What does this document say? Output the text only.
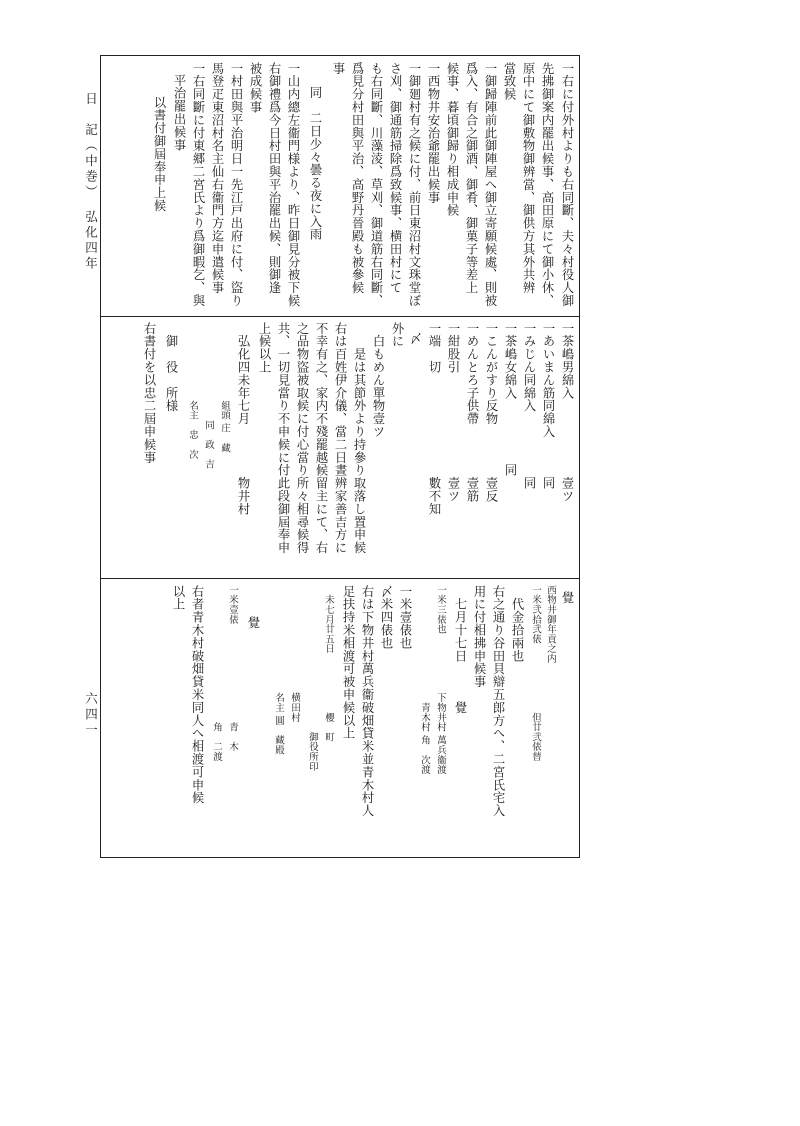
一右に付外村よりも右同斷、夫々村役人御
先拂御案内罷出候事、高田原にて御小休、
原中にて御敷物御辨當、御供方其外共辨
當致候
一御歸陣前此御陣屋へ御立寄願候處、則被
爲入、有合之御酒、御肴、御菓子等差上
候事、暮頃御歸り相成申候
一西物井安治爺罷出候事
一御廻村有之候に付、前日東沼村文珠堂ぼ
さ刈、御通筋掃除爲致候事、横田村にて
も右同斷、川藻淩、草刈、御道筋右同斷、
爲見分村田與平治、高野丹晉殿も被參候
事
同　二日少々曇る夜に入雨
一山内總左衞門様より、昨日御見分被下候
右御禮爲今日村田與平治罷出候、則御逢
被成候事
一村田與平治明日一先江戸出府に付、盜り
馬登疋東沼村名主仙右衞門方迄申遣候事
一右同斷に付東郷二宮氏より爲御暇乞、與
平治罷出候事
以書付御屆奉申上候
一茶嶋男綿入　　　　　　壹ツ
一あいまん筋同綿入　　　同
一みじん同綿入　　　　　同
一茶嶋女綿入　　　　　同
一こんがすり反物　　　　壹反
一めんとろ子供帶　　　　壹筋
一紺股引　　　　　　　　壹ツ
一端　切　　　　　　　　數不知
〆
外に
　白もめん單物壹ツ
　　是は其節外より持參り取落し置申候
右は百姓伊介儀、當二日晝辨家善吉方に
不幸有之、家内不殘罷越候留主にて、右
之品物盜被取候に付心當り所々相尋候得
共、一切見當り不申候に付此段御屆奉申
上候以上
　弘化四未年七月　　　　物井村
　　　　　　　　組頭 庄　藏
　　　　　　　　　　同　政　吉
　　　　　　　　名主　忠　次
　御　役　所様
右書付を以忠二屆申候事
覺
西物井御年貢之内
一米弐拾弐俵　　　　　　　但廿弐俵替
　代金拾兩也
右之通り谷田貝辯五郎方へ、二宮氏宅入
用に付相拂申候事
　七月十七日　　　覺
一米三俵也　　　　　　下物井村 萬兵衞渡
　　　　　　　　　　　　青木村 角　次渡
一米壹俵也
〆米四俵也
右は下物井村萬兵衞破畑貸米並青木村人
足扶持米相渡可被申候以上
　未七月廿五日　　　　　　櫻　町
　　　　　　　　　　　　　　　御役所印
　　　　　　　　　　　横田村
　　　　　　　　　　　名主 圓　藏殿
覺
一米壹俵　　　　　　　　　　青　木
　　　　　　　　　　　　　　角　二渡
右者青木村破畑貸米同人へ相渡可申候
以上
日　記（中巻）　弘化四年
六四一
